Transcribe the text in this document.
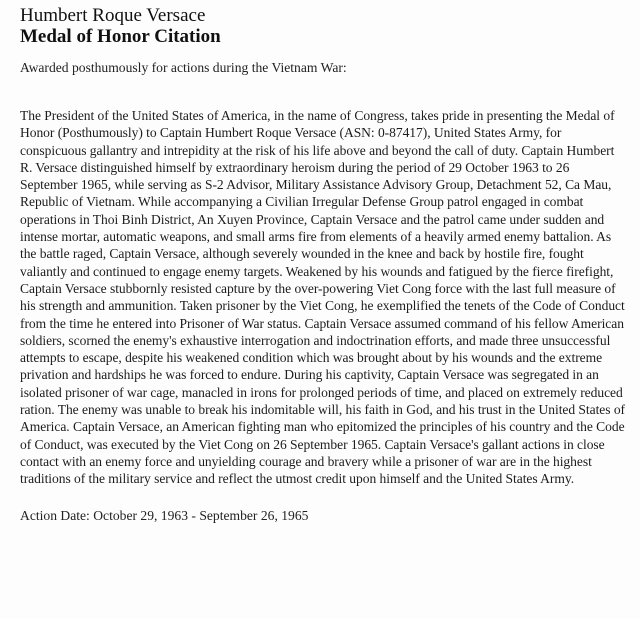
Humbert Roque Versace
Medal of Honor Citation

Awarded posthumously for actions during the Vietnam War:

The President of the United States of America, in the name of Congress, takes pride in presenting the Medal of Honor (Posthumously) to Captain Humbert Roque Versace (ASN: 0-87417), United States Army, for conspicuous gallantry and intrepidity at the risk of his life above and beyond the call of duty. Captain Humbert R. Versace distinguished himself by extraordinary heroism during the period of 29 October 1963 to 26 September 1965, while serving as S-2 Advisor, Military Assistance Advisory Group, Detachment 52, Ca Mau, Republic of Vietnam. While accompanying a Civilian Irregular Defense Group patrol engaged in combat operations in Thoi Binh District, An Xuyen Province, Captain Versace and the patrol came under sudden and intense mortar, automatic weapons, and small arms fire from elements of a heavily armed enemy battalion. As the battle raged, Captain Versace, although severely wounded in the knee and back by hostile fire, fought valiantly and continued to engage enemy targets. Weakened by his wounds and fatigued by the fierce firefight, Captain Versace stubbornly resisted capture by the over-powering Viet Cong force with the last full measure of his strength and ammunition. Taken prisoner by the Viet Cong, he exemplified the tenets of the Code of Conduct from the time he entered into Prisoner of War status. Captain Versace assumed command of his fellow American soldiers, scorned the enemy's exhaustive interrogation and indoctrination efforts, and made three unsuccessful attempts to escape, despite his weakened condition which was brought about by his wounds and the extreme privation and hardships he was forced to endure. During his captivity, Captain Versace was segregated in an isolated prisoner of war cage, manacled in irons for prolonged periods of time, and placed on extremely reduced ration. The enemy was unable to break his indomitable will, his faith in God, and his trust in the United States of America. Captain Versace, an American fighting man who epitomized the principles of his country and the Code of Conduct, was executed by the Viet Cong on 26 September 1965. Captain Versace's gallant actions in close contact with an enemy force and unyielding courage and bravery while a prisoner of war are in the highest traditions of the military service and reflect the utmost credit upon himself and the United States Army.

Action Date: October 29, 1963 - September 26, 1965
